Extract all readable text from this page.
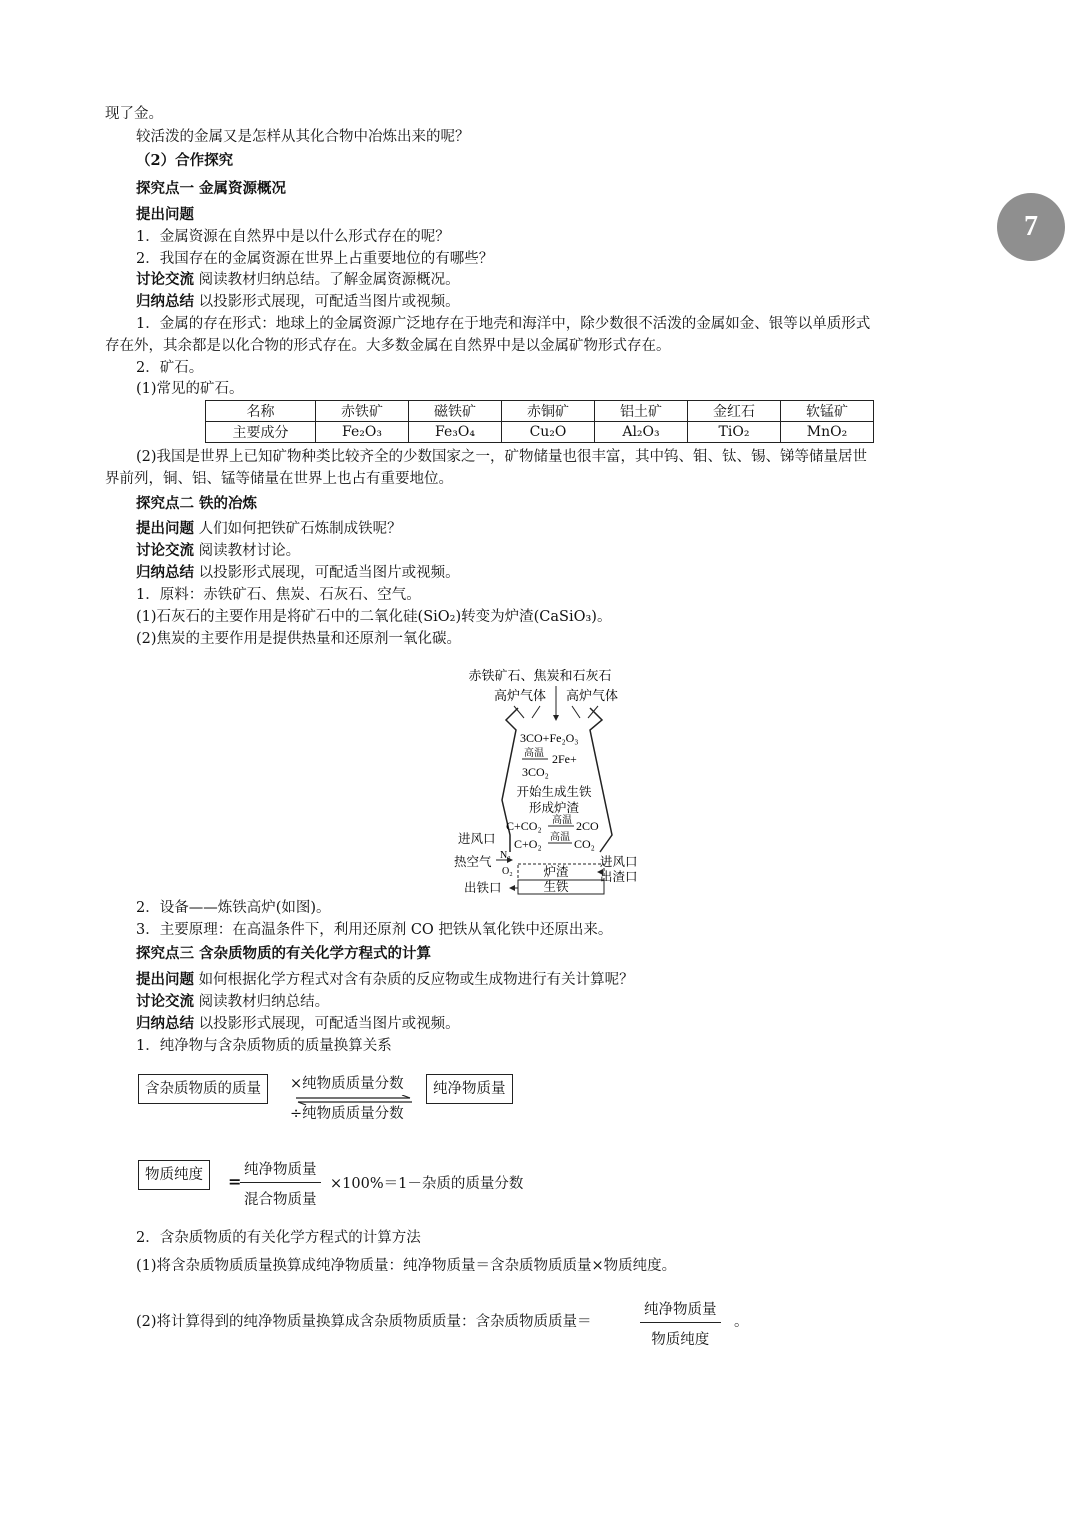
7
现了金。
较活泼的金属又是怎样从其化合物中冶炼出来的呢？
（2）合作探究
探究点一 金属资源概况
提出问题
1．金属资源在自然界中是以什么形式存在的呢？
2．我国存在的金属资源在世界上占重要地位的有哪些？
讨论交流 阅读教材归纳总结。了解金属资源概况。
归纳总结 以投影形式展现，可配适当图片或视频。
1．金属的存在形式：地球上的金属资源广泛地存在于地壳和海洋中，除少数很不活泼的金属如金、银等以单质形式
存在外，其余都是以化合物的形式存在。大多数金属在自然界中是以金属矿物形式存在。
2．矿石。
(1)常见的矿石。
名称	赤铁矿	磁铁矿	赤铜矿	铝土矿	金红石	软锰矿
主要成分	Fe₂O₃	Fe₃O₄	Cu₂O	Al₂O₃	TiO₂	MnO₂
(2)我国是世界上已知矿物种类比较齐全的少数国家之一，矿物储量也很丰富，其中钨、钼、钛、锡、锑等储量居世
界前列，铜、铝、锰等储量在世界上也占有重要地位。
探究点二 铁的冶炼
提出问题 人们如何把铁矿石炼制成铁呢？
讨论交流 阅读教材讨论。
归纳总结 以投影形式展现，可配适当图片或视频。
1．原料：赤铁矿石、焦炭、石灰石、空气。
(1)石灰石的主要作用是将矿石中的二氧化硅(SiO₂)转变为炉渣(CaSiO₃)。
(2)焦炭的主要作用是提供热量和还原剂一氧化碳。
赤铁矿石、焦炭和石灰石
高炉气体 高炉气体
3CO+Fe₂O₃
高温 2Fe+
3CO₂
开始生成生铁
形成炉渣
C+CO₂ 高温 2CO
C+O₂ 高温 CO₂
进风口
热空气 N₂
O₂ 炉渣
生铁
进风口
出渣口
出铁口
2．设备——炼铁高炉(如图)。
3．主要原理：在高温条件下，利用还原剂 CO 把铁从氧化铁中还原出来。
探究点三 含杂质物质的有关化学方程式的计算
提出问题 如何根据化学方程式对含有杂质的反应物或生成物进行有关计算呢？
讨论交流 阅读教材归纳总结。
归纳总结 以投影形式展现，可配适当图片或视频。
1．纯净物与含杂质物质的质量换算关系
含杂质物质的质量	×纯物质质量分数
÷纯物质质量分数
纯净物质量
物质纯度	=
纯净物质量
混合物质量
×100%＝1－杂质的质量分数
2．含杂质物质的有关化学方程式的计算方法
(1)将含杂质物质质量换算成纯净物质量：纯净物质量＝含杂质物质质量×物质纯度。
(2)将计算得到的纯净物质量换算成含杂质物质质量：含杂质物质质量＝
纯净物质量
物质纯度
。
